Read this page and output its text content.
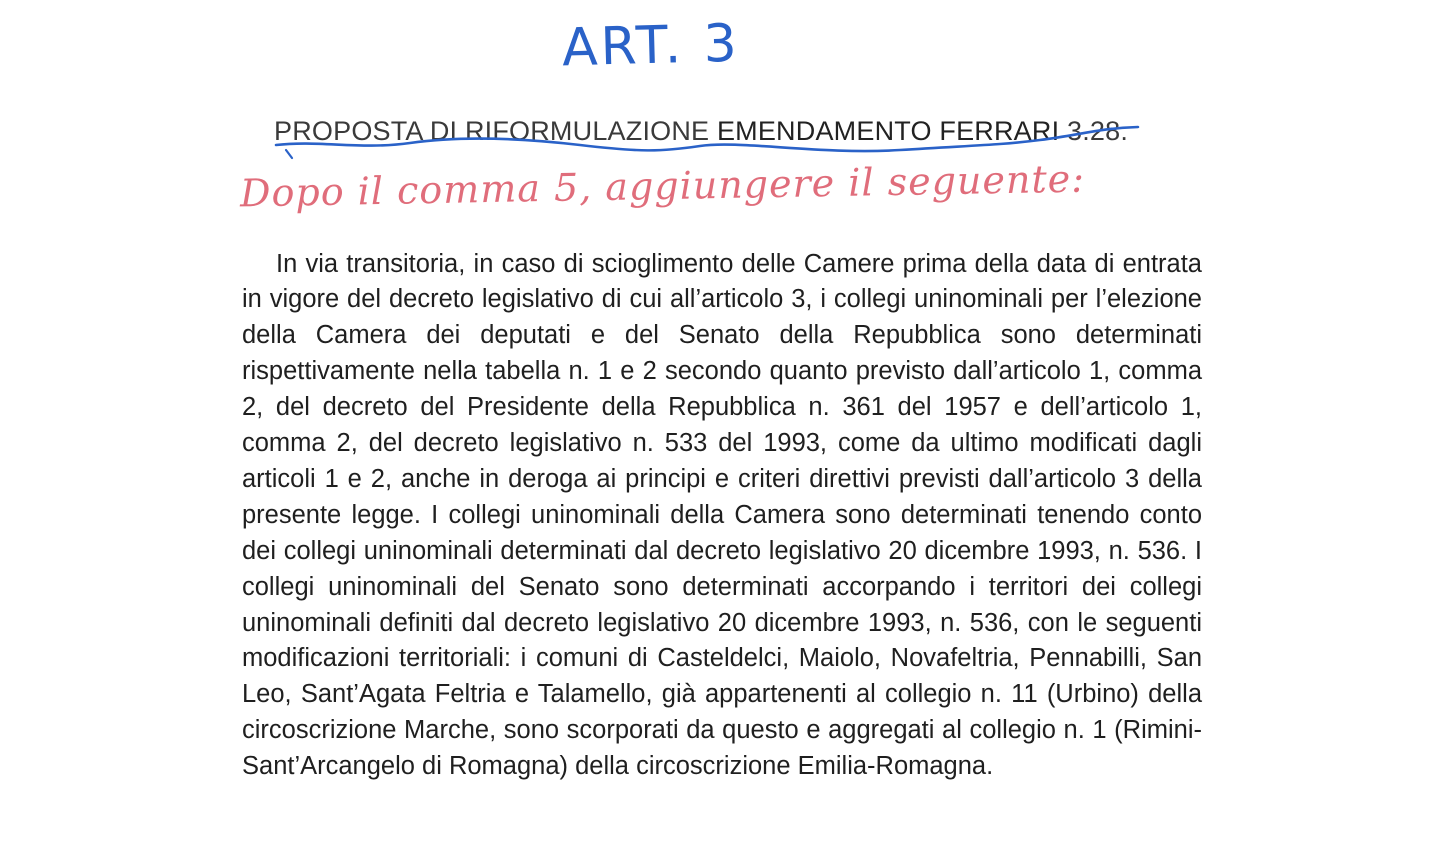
ART. 3
PROPOSTA DI RIFORMULAZIONE EMENDAMENTO FERRARI 3.28.
Dopo il comma 5, aggiungere il seguente:

In via transitoria, in caso di scioglimento delle Camere prima della data di entrata in vigore del decreto legislativo di cui all’articolo 3, i collegi uninominali per l’elezione della Camera dei deputati e del Senato della Repubblica sono determinati rispettivamente nella tabella n. 1 e 2 secondo quanto previsto dall’articolo 1, comma 2, del decreto del Presidente della Repubblica n. 361 del 1957 e dell’articolo 1, comma 2, del decreto legislativo n. 533 del 1993, come da ultimo modificati dagli articoli 1 e 2, anche in deroga ai principi e criteri direttivi previsti dall’articolo 3 della presente legge. I collegi uninominali della Camera sono determinati tenendo conto dei collegi uninominali determinati dal decreto legislativo 20 dicembre 1993, n. 536. I collegi uninominali del Senato sono determinati accorpando i territori dei collegi uninominali definiti dal decreto legislativo 20 dicembre 1993, n. 536, con le seguenti modificazioni territoriali: i comuni di Casteldelci, Maiolo, Novafeltria, Pennabilli, San Leo, Sant’Agata Feltria e Talamello, già appartenenti al collegio n. 11 (Urbino) della circoscrizione Marche, sono scorporati da questo e aggregati al collegio n. 1 (Rimini-Sant’Arcangelo di Romagna) della circoscrizione Emilia-Romagna.
